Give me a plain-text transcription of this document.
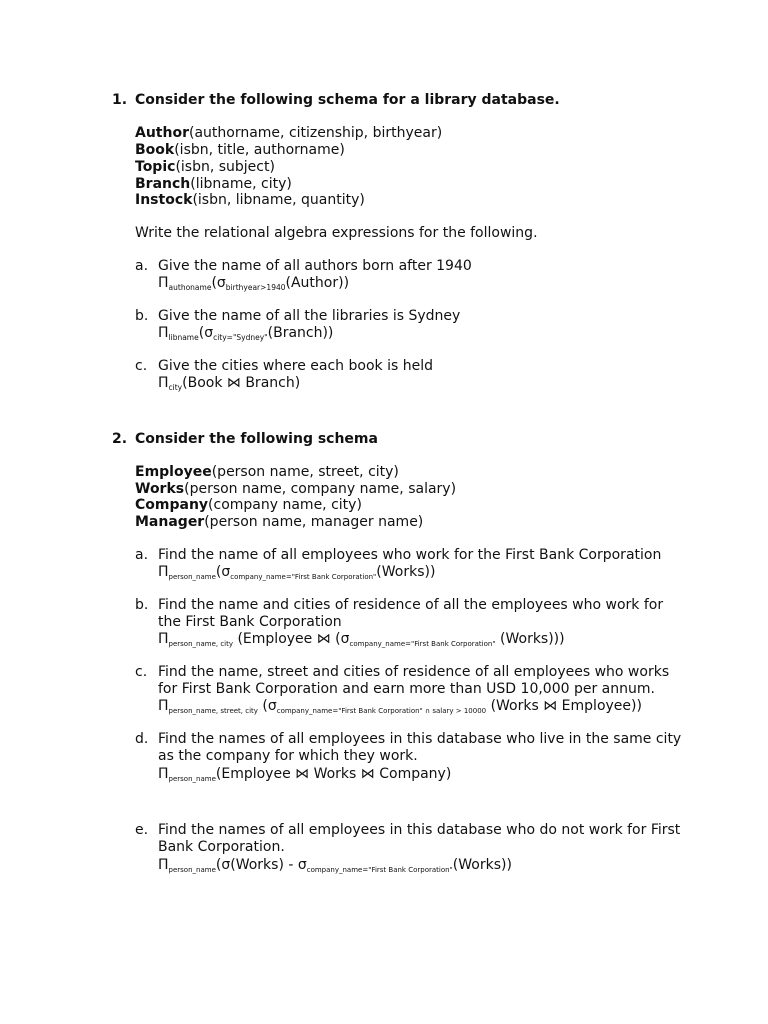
1. Consider the following schema for a library database.
Author(authorname, citizenship, birthyear)
Book(isbn, title, authorname)
Topic(isbn, subject)
Branch(libname, city)
Instock(isbn, libname, quantity)
Write the relational algebra expressions for the following.
a. Give the name of all authors born after 1940
$\Pi_{authoname}(\sigma_{birthyear>1940}(Author))$
b. Give the name of all the libraries is Sydney
$\Pi_{libname}(\sigma_{city="Sydney"}(Branch))$
c. Give the cities where each book is held
$\Pi_{city}(Book$ ⋈ Branch)
2. Consider the following schema
Employee(person name, street, city)
Works(person name, company name, salary)
Company(company name, city)
Manager(person name, manager name)
a. Find the name of all employees who work for the First Bank Corporation
$\Pi_{person\_name}(\sigma_{company\_name="First Bank Corporation"}(Works))$
b. Find the name and cities of residence of all the employees who work for
the First Bank Corporation
$\Pi_{person\_name, city}$ (Employee ⋈ ($\sigma_{company\_name="First Bank Corporation"}$ (Works)))
c. Find the name, street and cities of residence of all employees who works
for First Bank Corporation and earn more than USD 10,000 per annum.
$\Pi_{person\_name, street, city}$ ($\sigma_{company\_name="First Bank Corporation" \cap salary > 10000}$ (Works ⋈ Employee))
d. Find the names of all employees in this database who live in the same city
as the company for which they work.
$\Pi_{person\_name}(Employee$ ⋈ Works ⋈ Company)
e. Find the names of all employees in this database who do not work for First
Bank Corporation.
$\Pi_{person\_name}(\sigma(Works)$ - $\sigma_{company\_name="First Bank Corporation"}(Works)$)
